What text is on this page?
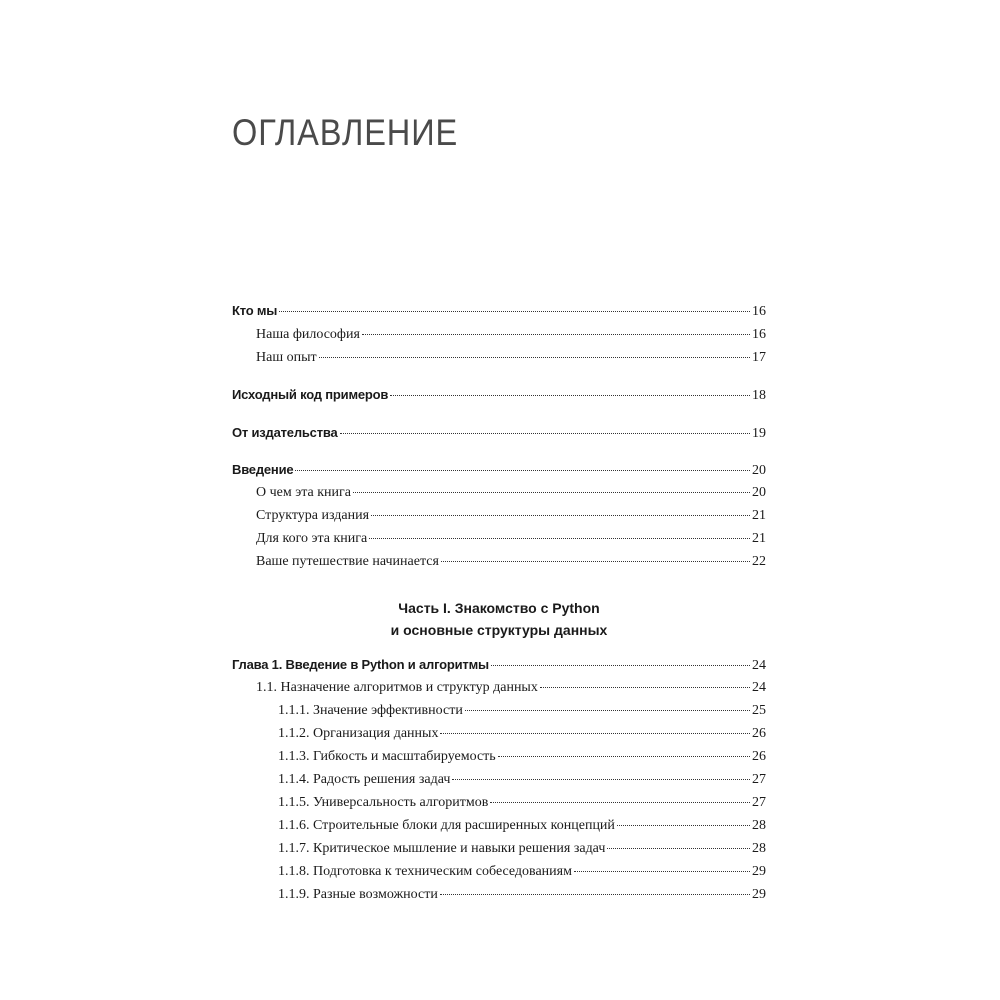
ОГЛАВЛЕНИЕ
Кто мы	16
Наша философия	16
Наш опыт	17
Исходный код примеров	18
От издательства	19
Введение	20
О чем эта книга	20
Структура издания	21
Для кого эта книга	21
Ваше путешествие начинается	22
Глава 1. Введение в Python и алгоритмы	24
1.1. Назначение алгоритмов и структур данных	24
1.1.1. Значение эффективности	25
1.1.2. Организация данных	26
1.1.3. Гибкость и масштабируемость	26
1.1.4. Радость решения задач	27
1.1.5. Универсальность алгоритмов	27
1.1.6. Строительные блоки для расширенных концепций	28
1.1.7. Критическое мышление и навыки решения задач	28
1.1.8. Подготовка к техническим собеседованиям	29
1.1.9. Разные возможности	29
Часть I. Знакомство с Python
и основные структуры данных
